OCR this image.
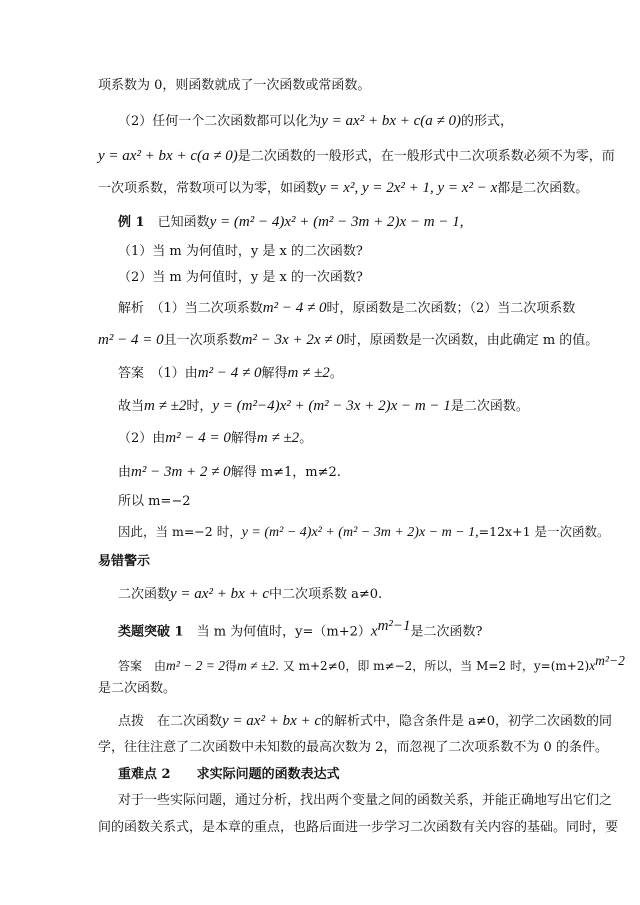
项系数为 0，则函数就成了一次函数或常函数。
（2）任何一个二次函数都可以化为y = ax² + bx + c(a ≠ 0)的形式，
y = ax² + bx + c(a ≠ 0)是二次函数的一般形式，在一般形式中二次项系数必须不为零，而
一次项系数，常数项可以为零，如函数y = x², y = 2x² + 1, y = x² − x都是二次函数。
例 1　 已知函数y = (m² − 4)x² + (m² − 3m + 2)x − m − 1,
（1）当 m 为何值时，y 是 x 的二次函数?
（2）当 m 为何值时，y 是 x 的一次函数?
解析　（1）当二次项系数m² − 4 ≠ 0时，原函数是二次函数；（2）当二次项系数
m² − 4 = 0且一次项系数m² − 3x + 2x ≠ 0时，原函数是一次函数，由此确定 m 的值。
答案　（1）由m² − 4 ≠ 0解得m ≠ ±2。
故当m ≠ ±2时，y = (m²−4)x² + (m² − 3x + 2)x − m − 1是二次函数。
（2）由m² − 4 = 0解得m ≠ ±2。
由m² − 3m + 2 ≠ 0解得 m≠1，m≠2.
所以 m=−2
因此，当 m=−2 时，y = (m² − 4)x² + (m² − 3m + 2)x − m − 1,=12x+1 是一次函数。
易错警示
二次函数y = ax² + bx + c中二次项系数 a≠0.
类题突破 1　 当 m 为何值时，$y=(m+2)x^{m^2-1}$是二次函数?
答案　由m² − 2 = 2得m ≠ ±2. 又 m+2≠0，即 m≠−2，所以，当 M=2 时，$y=(m+2)x^{m^2-2}$
是二次函数。
点拨　在二次函数y = ax² + bx + c的解析式中，隐含条件是 a≠0，初学二次函数的同
学，往往注意了二次函数中未知数的最高次数为 2，而忽视了二次项系数不为 0 的条件。
重难点 2　　求实际问题的函数表达式
对于一些实际问题，通过分析，找出两个变量之间的函数关系，并能正确地写出它们之
间的函数关系式，是本章的重点，也路后面进一步学习二次函数有关内容的基础。同时，要
